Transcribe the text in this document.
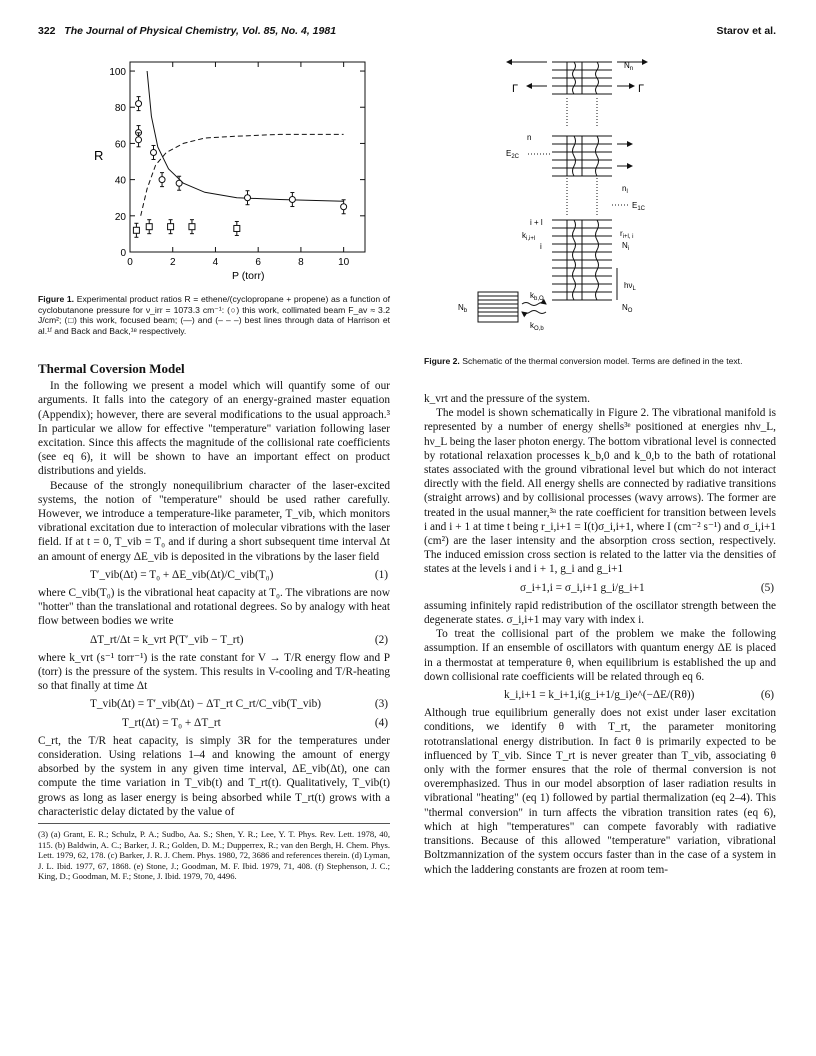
322 The Journal of Physical Chemistry, Vol. 85, No. 4, 1981	Starov et al.
R
P (torr)
100
80
60
40
20
0
0	2	4	6	8	10
Figure 1. Experimental product ratios R = ethene/(cyclopropane + propene) as a function of cyclobutanone pressure for ν_irr = 1073.3 cm⁻¹: (○) this work, collimated beam F_av ≈ 3.2 J/cm²; (□) this work, focused beam; (—) and (– – –) best lines through data of Harrison et al.¹ᶠ and Back and Back,¹ᵉ respectively.
$N_n$
Γ	Γ
n
$E_{2C}$
$n_l$
$E_{1C}$
i + l
$k_{i,i+l}$
i
$r_{i+l, i}$
$N_i$
$h\nu_L$
$N_b$
$k_{b,O}$
$k_{O,b}$
$N_O$
Figure 2. Schematic of the thermal conversion model. Terms are defined in the text.
Thermal Coversion Model

In the following we present a model which will quantify some of our arguments. It falls into the category of an energy-grained master equation (Appendix); however, there are several modifications to the usual approach.³ In particular we allow for effective "temperature" variation following laser excitation. Since this affects the magnitude of the collisional rate coefficients (see eq 6), it will be shown to have an important effect on product distributions and yields.

Because of the strongly nonequilibrium character of the laser-excited systems, the notion of "temperature" should be used rather carefully. However, we introduce a temperature-like parameter, T_vib, which monitors vibrational excitation due to interaction of molecular vibrations with the laser field. If at t = 0, T_vib = T₀ and if during a short subsequent time interval Δt an amount of energy ΔE_vib is deposited in the vibrations by the laser field

T′_vib(Δt) = T₀ + ΔE_vib(Δt)/C_vib(T₀)	(1)

where C_vib(T₀) is the vibrational heat capacity at T₀. The vibrations are now "hotter" than the translational and rotational degrees. So by analogy with heat flow between bodies we write

ΔT_rt/Δt = k_vrt P(T′_vib − T_rt)	(2)

where k_vrt (s⁻¹ torr⁻¹) is the rate constant for V → T/R energy flow and P (torr) is the pressure of the system. This results in V-cooling and T/R-heating so that finally at time Δt

T_vib(Δt) = T′_vib(Δt) − ΔT_rt C_rt/C_vib(T_vib)	(3)
T_rt(Δt) = T₀ + ΔT_rt	(4)

C_rt, the T/R heat capacity, is simply 3R for the temperatures under consideration. Using relations 1–4 and knowing the amount of energy absorbed by the system in any given time interval, ΔE_vib(Δt), one can compute the time variation in T_vib(t) and T_rt(t). Qualitatively, T_vib(t) grows as long as laser energy is being absorbed while T_rt(t) grows with a characteristic delay dictated by the value of

(3) (a) Grant, E. R.; Schulz, P. A.; Sudbo, Aa. S.; Shen, Y. R.; Lee, Y. T. Phys. Rev. Lett. 1978, 40, 115. (b) Baldwin, A. C.; Barker, J. R.; Golden, D. M.; Dupperrex, R.; van den Bergh, H. Chem. Phys. Lett. 1979, 62, 178. (c) Barker, J. R. J. Chem. Phys. 1980, 72, 3686 and references therein. (d) Lyman, J. L. Ibid. 1977, 67, 1868. (e) Stone, J.; Goodman, M. F. Ibid. 1979, 71, 408. (f) Stephenson, J. C.; King, D.; Goodman, M. F.; Stone, J. Ibid. 1979, 70, 4496.

k_vrt and the pressure of the system.

The model is shown schematically in Figure 2. The vibrational manifold is represented by a number of energy shells³ᵉ positioned at energies nhν_L, hν_L being the laser photon energy. The bottom vibrational level is connected by rotational relaxation processes k_b,0 and k_0,b to the bath of rotational states associated with the ground vibrational level but which do not interact directly with the field. All energy shells are connected by radiative transitions (straight arrows) and by collisional processes (wavy arrows). The former are treated in the usual manner,³ᵃ the rate coefficient for transition between levels i and i + 1 at time t being r_i,i+1 = I(t)σ_i,i+1, where I (cm⁻² s⁻¹) and σ_i,i+1 (cm²) are the laser intensity and the absorption cross section, respectively. The induced emission cross section is related to the latter via the densities of states at the levels i and i + 1, g_i and g_i+1

σ_i+1,i = σ_i,i+1 g_i/g_i+1	(5)

assuming infinitely rapid redistribution of the oscillator strength between the degenerate states. σ_i,i+1 may vary with index i.

To treat the collisional part of the problem we make the following assumption. If an ensemble of oscillators with quantum energy ΔE is placed in a thermostat at temperature θ, when equilibrium is established the up and down collisional rate coefficients will be related through eq 6.

k_i,i+1 = k_i+1,i(g_i+1/g_i)e^(−ΔE/(Rθ))	(6)

Although true equilibrium generally does not exist under laser excitation conditions, we identify θ with T_rt, the parameter monitoring rototranslational energy distribution. In fact θ is primarily expected to be influenced by T_vib. Since T_rt is never greater than T_vib, associating θ only with the former ensures that the role of thermal conversion is not overemphasized. Thus in our model absorption of laser radiation results in vibrational "heating" (eq 1) followed by partial thermalization (eq 2–4). This "thermal conversion" in turn affects the vibration transition rates (eq 6), which at high "temperatures" can compete favorably with radiative transitions. Because of this allowed "temperature" variation, vibrational Boltzmannization of the system occurs faster than in the case of a system in which the laddering constants are frozen at room tem-
